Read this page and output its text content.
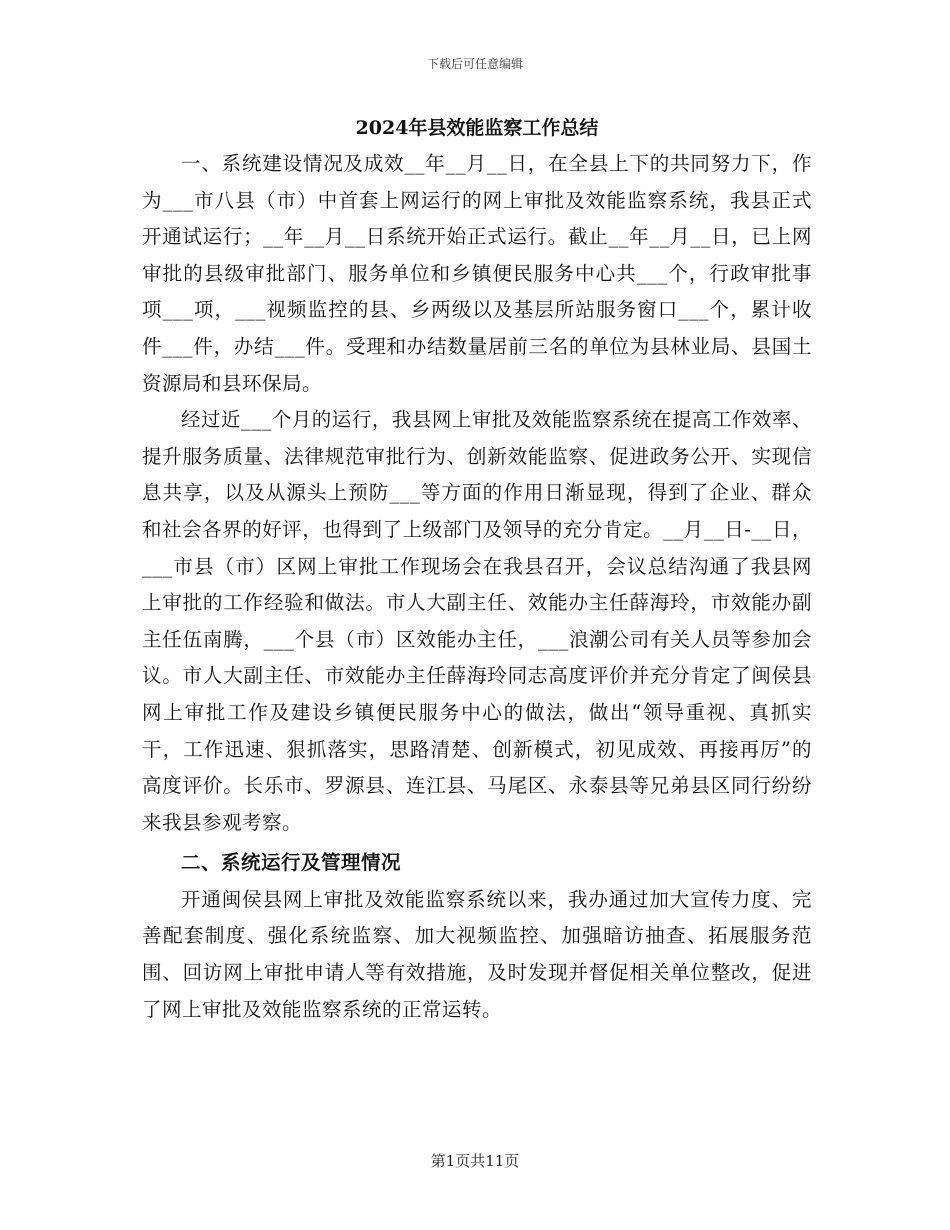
下载后可任意编辑
2024年县效能监察工作总结

一、系统建设情况及成效__年__月__日，在全县上下的共同努力下，作为___市八县（市）中首套上网运行的网上审批及效能监察系统，我县正式开通试运行；__年__月__日系统开始正式运行。截止__年__月__日，已上网审批的县级审批部门、服务单位和乡镇便民服务中心共___个，行政审批事项___项，___视频监控的县、乡两级以及基层所站服务窗口___个，累计收件___件，办结___件。受理和办结数量居前三名的单位为县林业局、县国土资源局和县环保局。

经过近___个月的运行，我县网上审批及效能监察系统在提高工作效率、提升服务质量、法律规范审批行为、创新效能监察、促进政务公开、实现信息共享，以及从源头上预防___等方面的作用日渐显现，得到了企业、群众和社会各界的好评，也得到了上级部门及领导的充分肯定。__月__日-__日，___市县（市）区网上审批工作现场会在我县召开，会议总结沟通了我县网上审批的工作经验和做法。市人大副主任、效能办主任薛海玲，市效能办副主任伍南腾，___个县（市）区效能办主任，___浪潮公司有关人员等参加会议。市人大副主任、市效能办主任薛海玲同志高度评价并充分肯定了闽侯县网上审批工作及建设乡镇便民服务中心的做法，做出“领导重视、真抓实干，工作迅速、狠抓落实，思路清楚、创新模式，初见成效、再接再厉”的高度评价。长乐市、罗源县、连江县、马尾区、永泰县等兄弟县区同行纷纷来我县参观考察。

二、系统运行及管理情况

开通闽侯县网上审批及效能监察系统以来，我办通过加大宣传力度、完善配套制度、强化系统监察、加大视频监控、加强暗访抽查、拓展服务范围、回访网上审批申请人等有效措施，及时发现并督促相关单位整改，促进了网上审批及效能监察系统的正常运转。

第1页共11页
